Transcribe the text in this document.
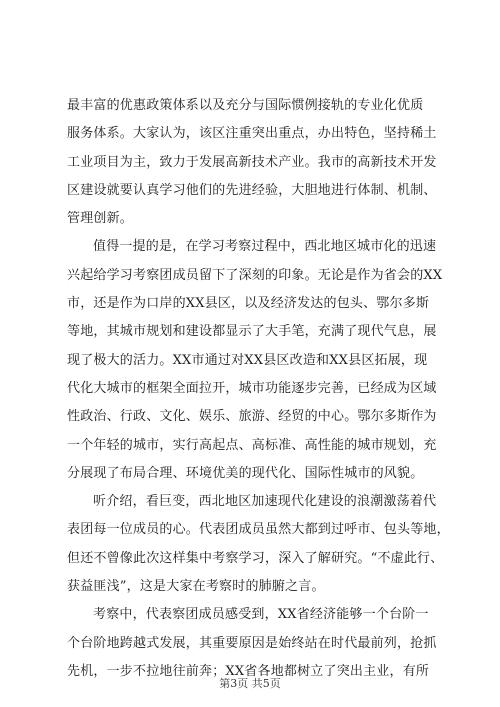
最丰富的优惠政策体系以及充分与国际惯例接轨的专业化优质
服务体系。大家认为，该区注重突出重点，办出特色，坚持稀土
工业项目为主，致力于发展高新技术产业。我市的高新技术开发
区建设就要认真学习他们的先进经验，大胆地进行体制、机制、
管理创新。
值得一提的是，在学习考察过程中，西北地区城市化的迅速
兴起给学习考察团成员留下了深刻的印象。无论是作为省会的XX
市，还是作为口岸的XX县区，以及经济发达的包头、鄂尔多斯
等地，其城市规划和建设都显示了大手笔，充满了现代气息，展
现了极大的活力。XX市通过对XX县区改造和XX县区拓展，现
代化大城市的框架全面拉开，城市功能逐步完善，已经成为区域
性政治、行政、文化、娱乐、旅游、经贸的中心。鄂尔多斯作为
一个年轻的城市，实行高起点、高标准、高性能的城市规划，充
分展现了布局合理、环境优美的现代化、国际性城市的风貌。
听介绍，看巨变，西北地区加速现代化建设的浪潮激荡着代
表团每一位成员的心。代表团成员虽然大都到过呼市、包头等地，
但还不曾像此次这样集中考察学习，深入了解研究。“不虚此行、
获益匪浅”，这是大家在考察时的肺腑之言。
考察中，代表察团成员感受到，XX省经济能够一个台阶一
个台阶地跨越式发展，其重要原因是始终站在时代最前列，抢抓
先机，一步不拉地往前奔；XX省各地都树立了突出主业，有所
第3页 共5页
